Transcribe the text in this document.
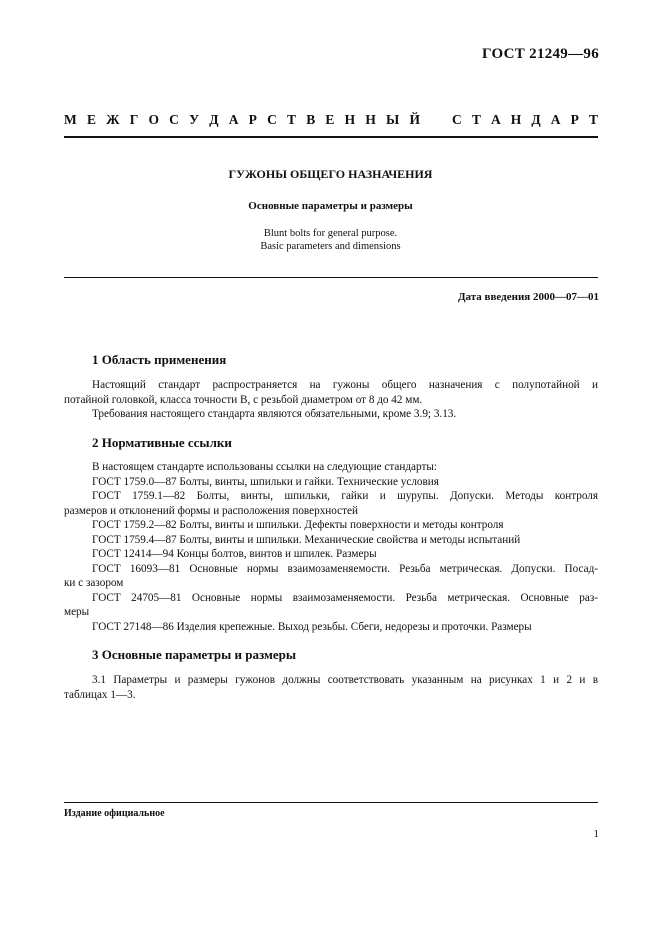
ГОСТ 21249—96
М Е Ж Г О С У Д А Р С Т В Е Н Н Ы Й С Т А Н Д А Р Т
ГУЖОНЫ ОБЩЕГО НАЗНАЧЕНИЯ
Основные параметры и размеры
Blunt bolts for general purpose.
Basic parameters and dimensions
Дата введения 2000—07—01
1 Область применения

Настоящий стандарт распространяется на гужоны общего назначения с полупотайной и

потайной головкой, класса точности В, с резьбой диаметром от 8 до 42 мм.

Требования настоящего стандарта являются обязательными, кроме 3.9; 3.13.

2 Нормативные ссылки

В настоящем стандарте использованы ссылки на следующие стандарты:

ГОСТ 1759.0—87 Болты, винты, шпильки и гайки. Технические условия

ГОСТ 1759.1—82 Болты, винты, шпильки, гайки и шурупы. Допуски. Методы контроля

размеров и отклонений формы и расположения поверхностей

ГОСТ 1759.2—82 Болты, винты и шпильки. Дефекты поверхности и методы контроля

ГОСТ 1759.4—87 Болты, винты и шпильки. Механические свойства и методы испытаний

ГОСТ 12414—94 Концы болтов, винтов и шпилек. Размеры

ГОСТ 16093—81 Основные нормы взаимозаменяемости. Резьба метрическая. Допуски. Посад-

ки с зазором

ГОСТ 24705—81 Основные нормы взаимозаменяемости. Резьба метрическая. Основные раз-

меры

ГОСТ 27148—86 Изделия крепежные. Выход резьбы. Сбеги, недорезы и проточки. Размеры

3 Основные параметры и размеры

3.1 Параметры и размеры гужонов должны соответствовать указанным на рисунках 1 и 2 и в

таблицах 1—3.

Издание официальное
1
